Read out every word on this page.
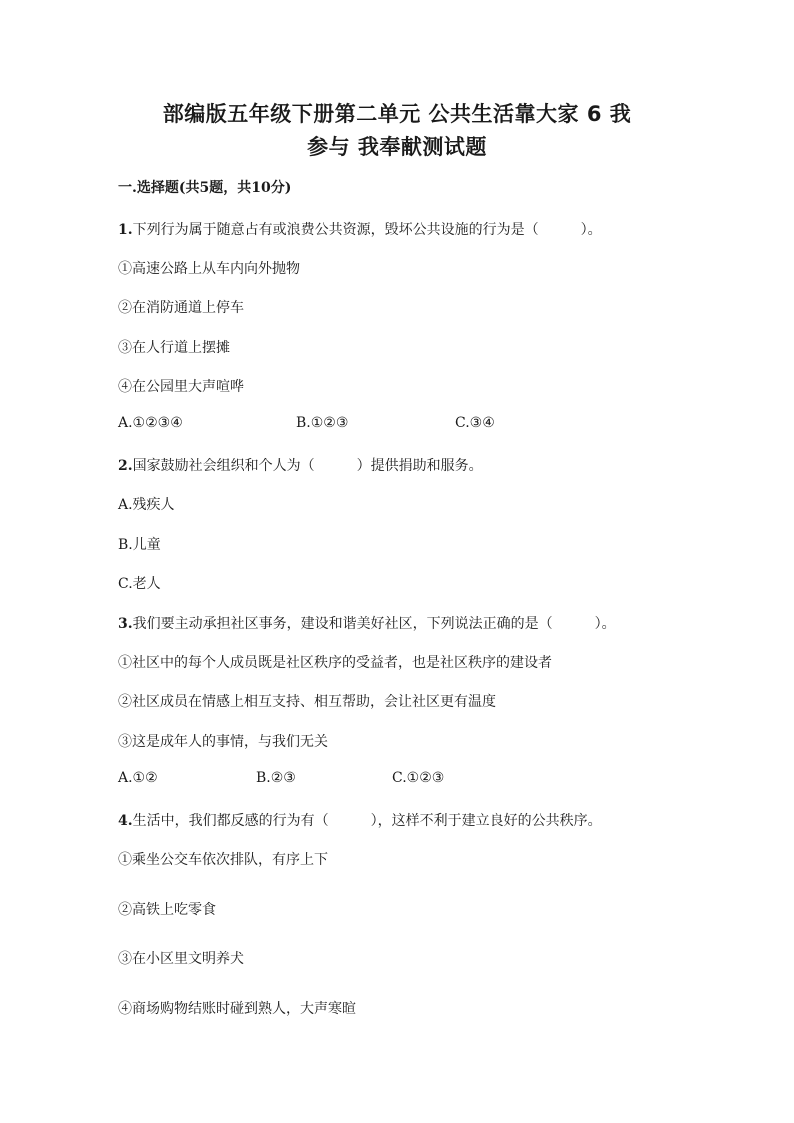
部编版五年级下册第二单元 公共生活靠大家 6 我
参与 我奉献测试题
一.选择题(共5题，共10分)
1.下列行为属于随意占有或浪费公共资源，毁坏公共设施的行为是（　　　）。
①高速公路上从车内向外抛物
②在消防通道上停车
③在人行道上摆摊
④在公园里大声喧哗
A.①②③④	B.①②③	C.③④
2.国家鼓励社会组织和个人为（　　　）提供捐助和服务。
A.残疾人
B.儿童
C.老人
3.我们要主动承担社区事务，建设和谐美好社区，下列说法正确的是（　　　）。
①社区中的每个人成员既是社区秩序的受益者，也是社区秩序的建设者
②社区成员在情感上相互支持、相互帮助，会让社区更有温度
③这是成年人的事情，与我们无关
A.①②	B.②③	C.①②③
4.生活中，我们都反感的行为有（　　　），这样不利于建立良好的公共秩序。
①乘坐公交车依次排队，有序上下
②高铁上吃零食
③在小区里文明养犬
④商场购物结账时碰到熟人，大声寒暄
